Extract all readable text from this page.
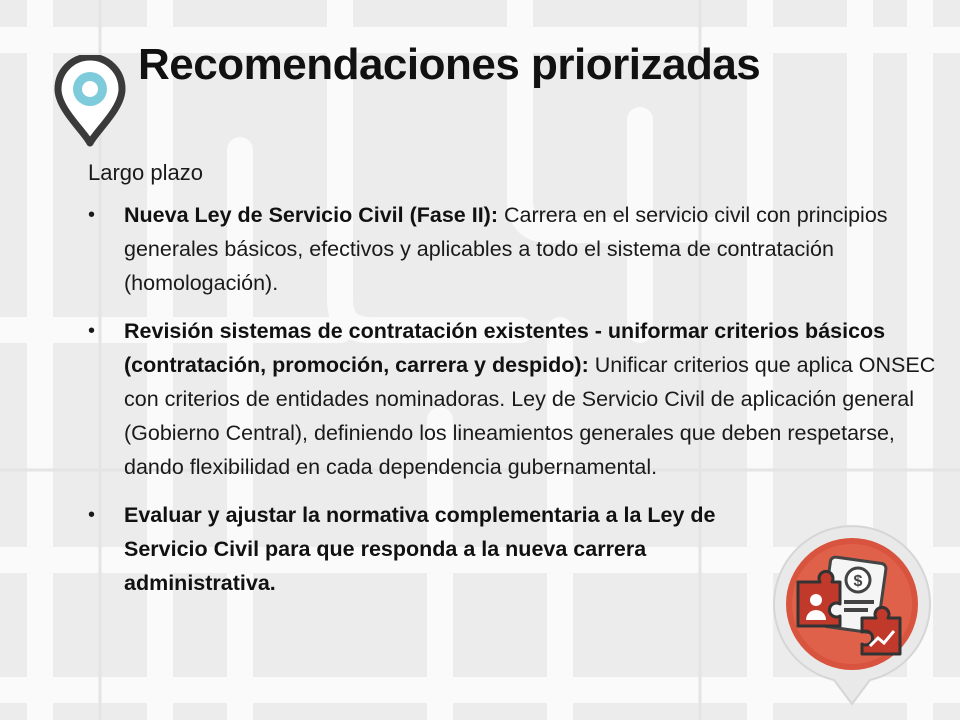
Recomendaciones priorizadas
Largo plazo
• Nueva Ley de Servicio Civil (Fase II): Carrera en el servicio civil con principios generales básicos, efectivos y aplicables a todo el sistema de contratación (homologación).
• Revisión sistemas de contratación existentes - uniformar criterios básicos (contratación, promoción, carrera y despido): Unificar criterios que aplica ONSEC con criterios de entidades nominadoras. Ley de Servicio Civil de aplicación general (Gobierno Central), definiendo los lineamientos generales que deben respetarse, dando flexibilidad en cada dependencia gubernamental.
• Evaluar y ajustar la normativa complementaria a la Ley de Servicio Civil para que responda a la nueva carrera administrativa.	$
